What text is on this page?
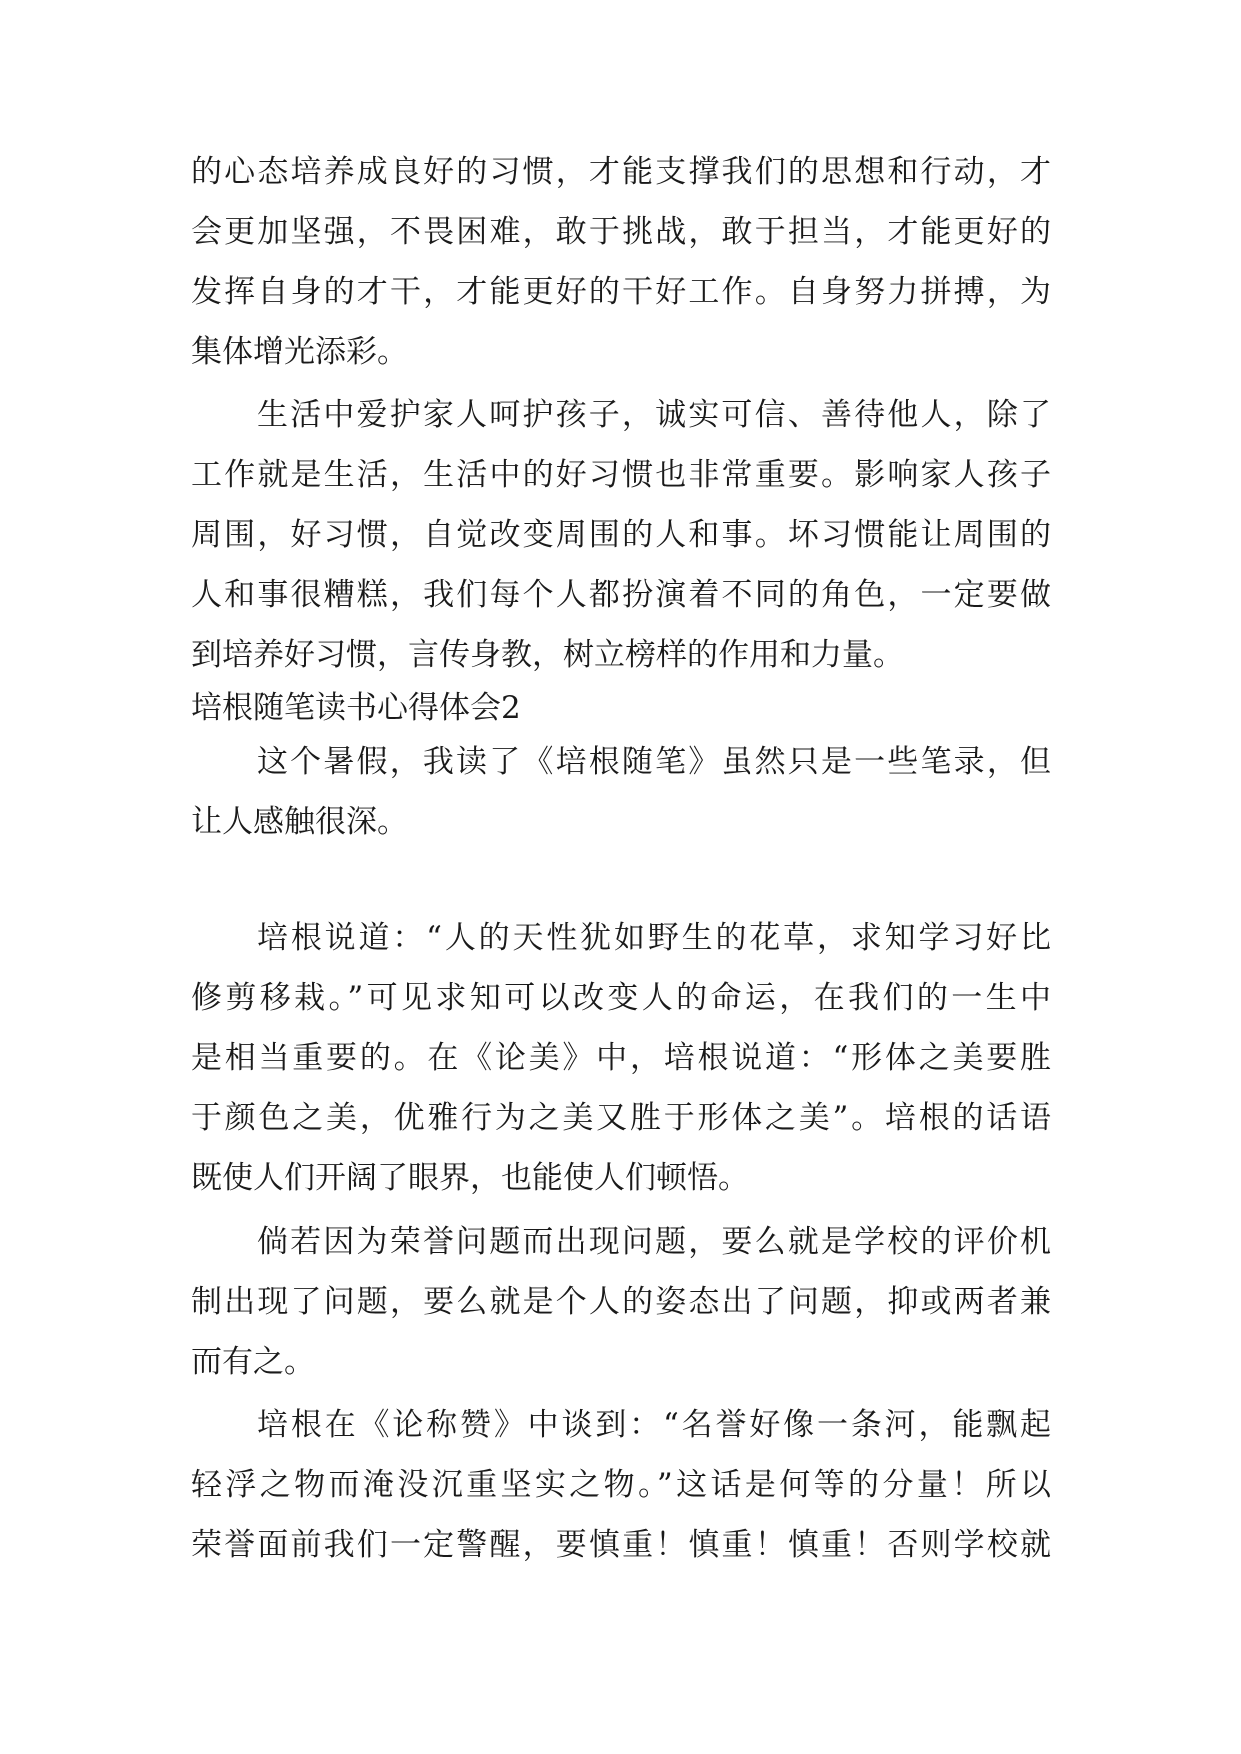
的心态培养成良好的习惯，才能支撑我们的思想和行动，才

会更加坚强，不畏困难，敢于挑战，敢于担当，才能更好的

发挥自身的才干，才能更好的干好工作。自身努力拼搏，为

集体增光添彩。

生活中爱护家人呵护孩子，诚实可信、善待他人，除了

工作就是生活，生活中的好习惯也非常重要。影响家人孩子

周围，好习惯，自觉改变周围的人和事。坏习惯能让周围的

人和事很糟糕，我们每个人都扮演着不同的角色，一定要做

到培养好习惯，言传身教，树立榜样的作用和力量。

培根随笔读书心得体会2

这个暑假，我读了《培根随笔》虽然只是一些笔录，但

让人感触很深。

培根说道：“人的天性犹如野生的花草，求知学习好比

修剪移栽。”可见求知可以改变人的命运，在我们的一生中

是相当重要的。在《论美》中，培根说道：“形体之美要胜

于颜色之美，优雅行为之美又胜于形体之美”。培根的话语

既使人们开阔了眼界，也能使人们顿悟。

倘若因为荣誉问题而出现问题，要么就是学校的评价机

制出现了问题，要么就是个人的姿态出了问题，抑或两者兼

而有之。

培根在《论称赞》中谈到：“名誉好像一条河，能飘起

轻浮之物而淹没沉重坚实之物。”这话是何等的分量！所以

荣誉面前我们一定警醒，要慎重！慎重！慎重！否则学校就
